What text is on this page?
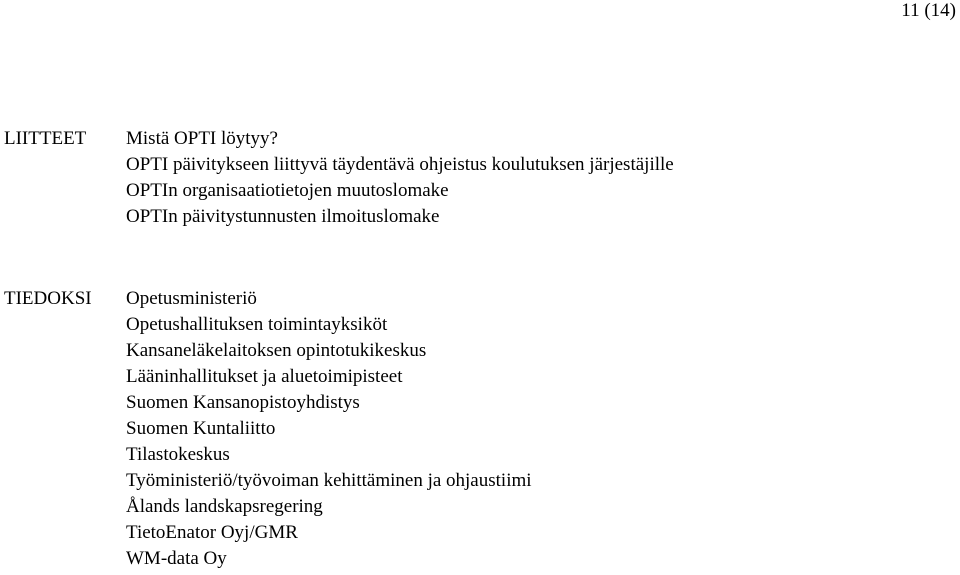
11 (14)
LIITTEET Mistä OPTI löytyy?
OPTI päivitykseen liittyvä täydentävä ohjeistus koulutuksen järjestäjille
OPTIn organisaatiotietojen muutoslomake
OPTIn päivitystunnusten ilmoituslomake
TIEDOKSI Opetusministeriö
Opetushallituksen toimintayksiköt
Kansaneläkelaitoksen opintotukikeskus
Lääninhallitukset ja aluetoimipisteet
Suomen Kansanopistoyhdistys
Suomen Kuntaliitto
Tilastokeskus
Työministeriö/työvoiman kehittäminen ja ohjaustiimi
Ålands landskapsregering
TietoEnator Oyj/GMR
WM-data Oy
